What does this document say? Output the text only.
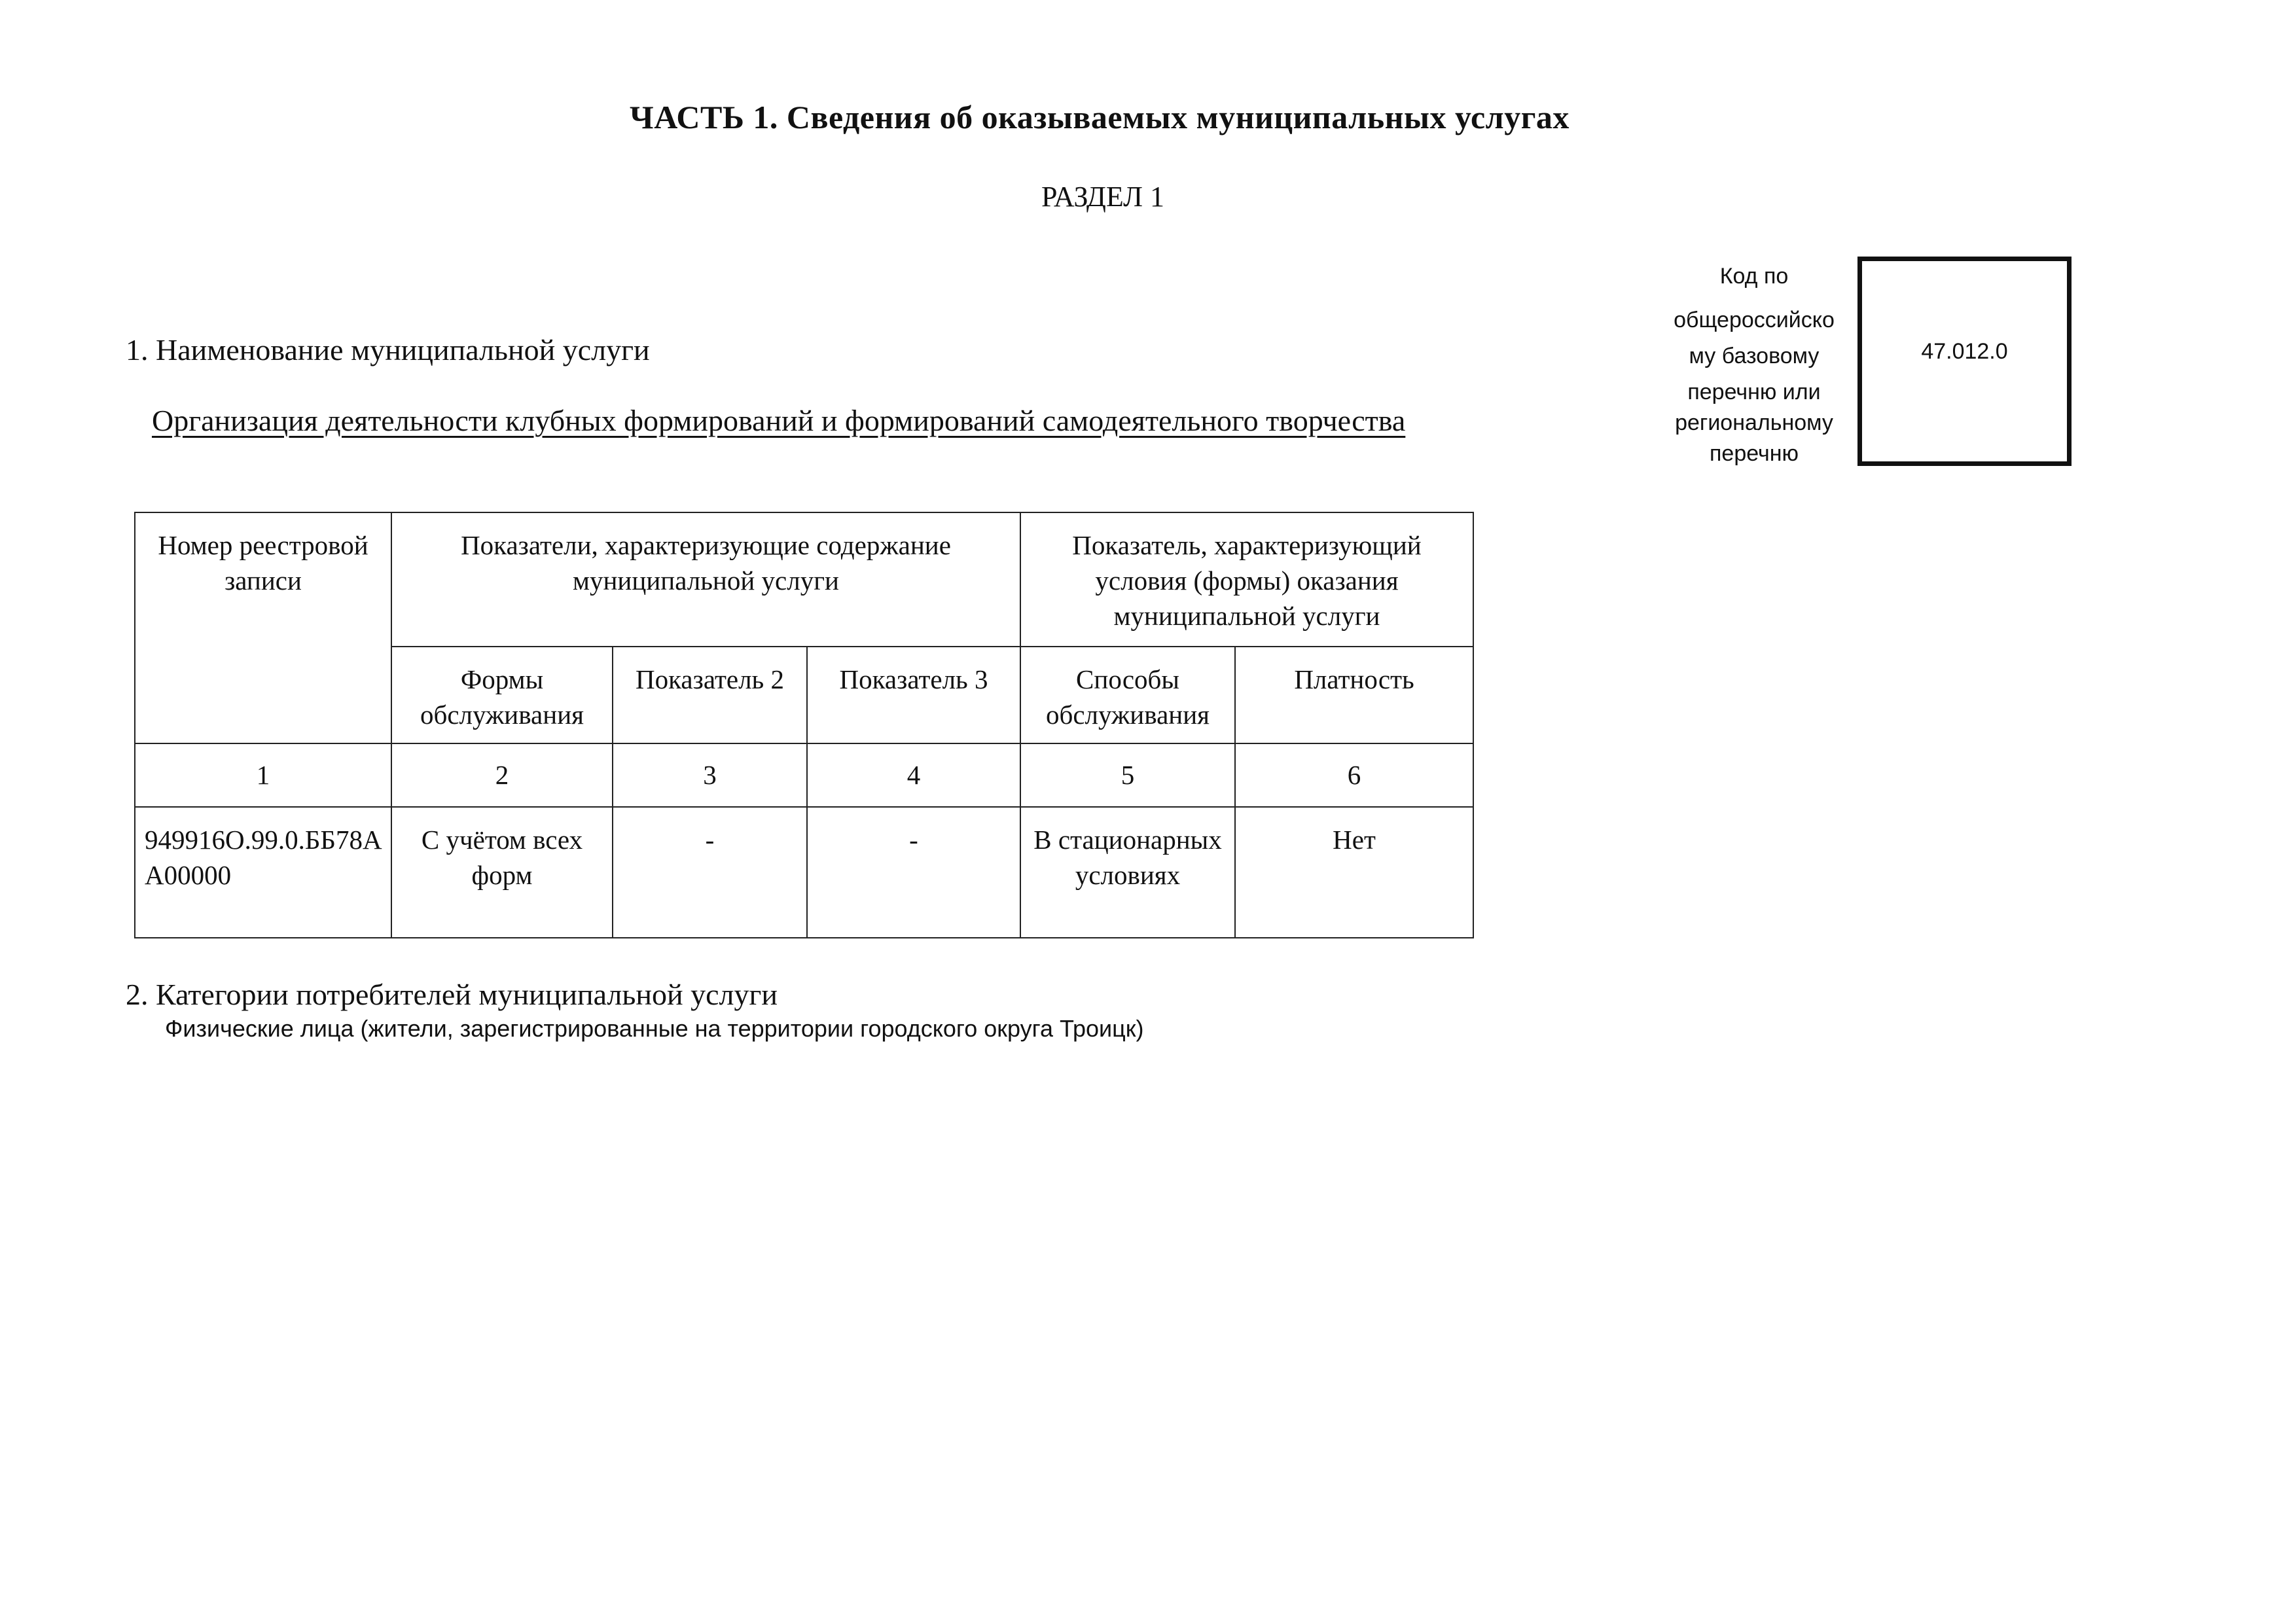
ЧАСТЬ 1. Сведения об оказываемых муниципальных услугах
РАЗДЕЛ 1
Код по
общероссийско
му базовому
перечню или
региональному
перечню
47.012.0
1. Наименование муниципальной услуги
Организация деятельности клубных формирований и формирований самодеятельного творчества
Номер реестровой записи	Показатели, характеризующие содержание муниципальной услуги			Показатель, характеризующий условия (формы) оказания муниципальной услуги	
	Формы обслуживания	Показатель 2	Показатель 3	Способы обслуживания	Платность
1	2	3	4	5	6
949916О.99.0.ББ78АА00000	С учётом всех форм	-	-	В стационарных условиях	Нет
2. Категории потребителей муниципальной услуги
Физические лица (жители, зарегистрированные на территории городского округа Троицк)
